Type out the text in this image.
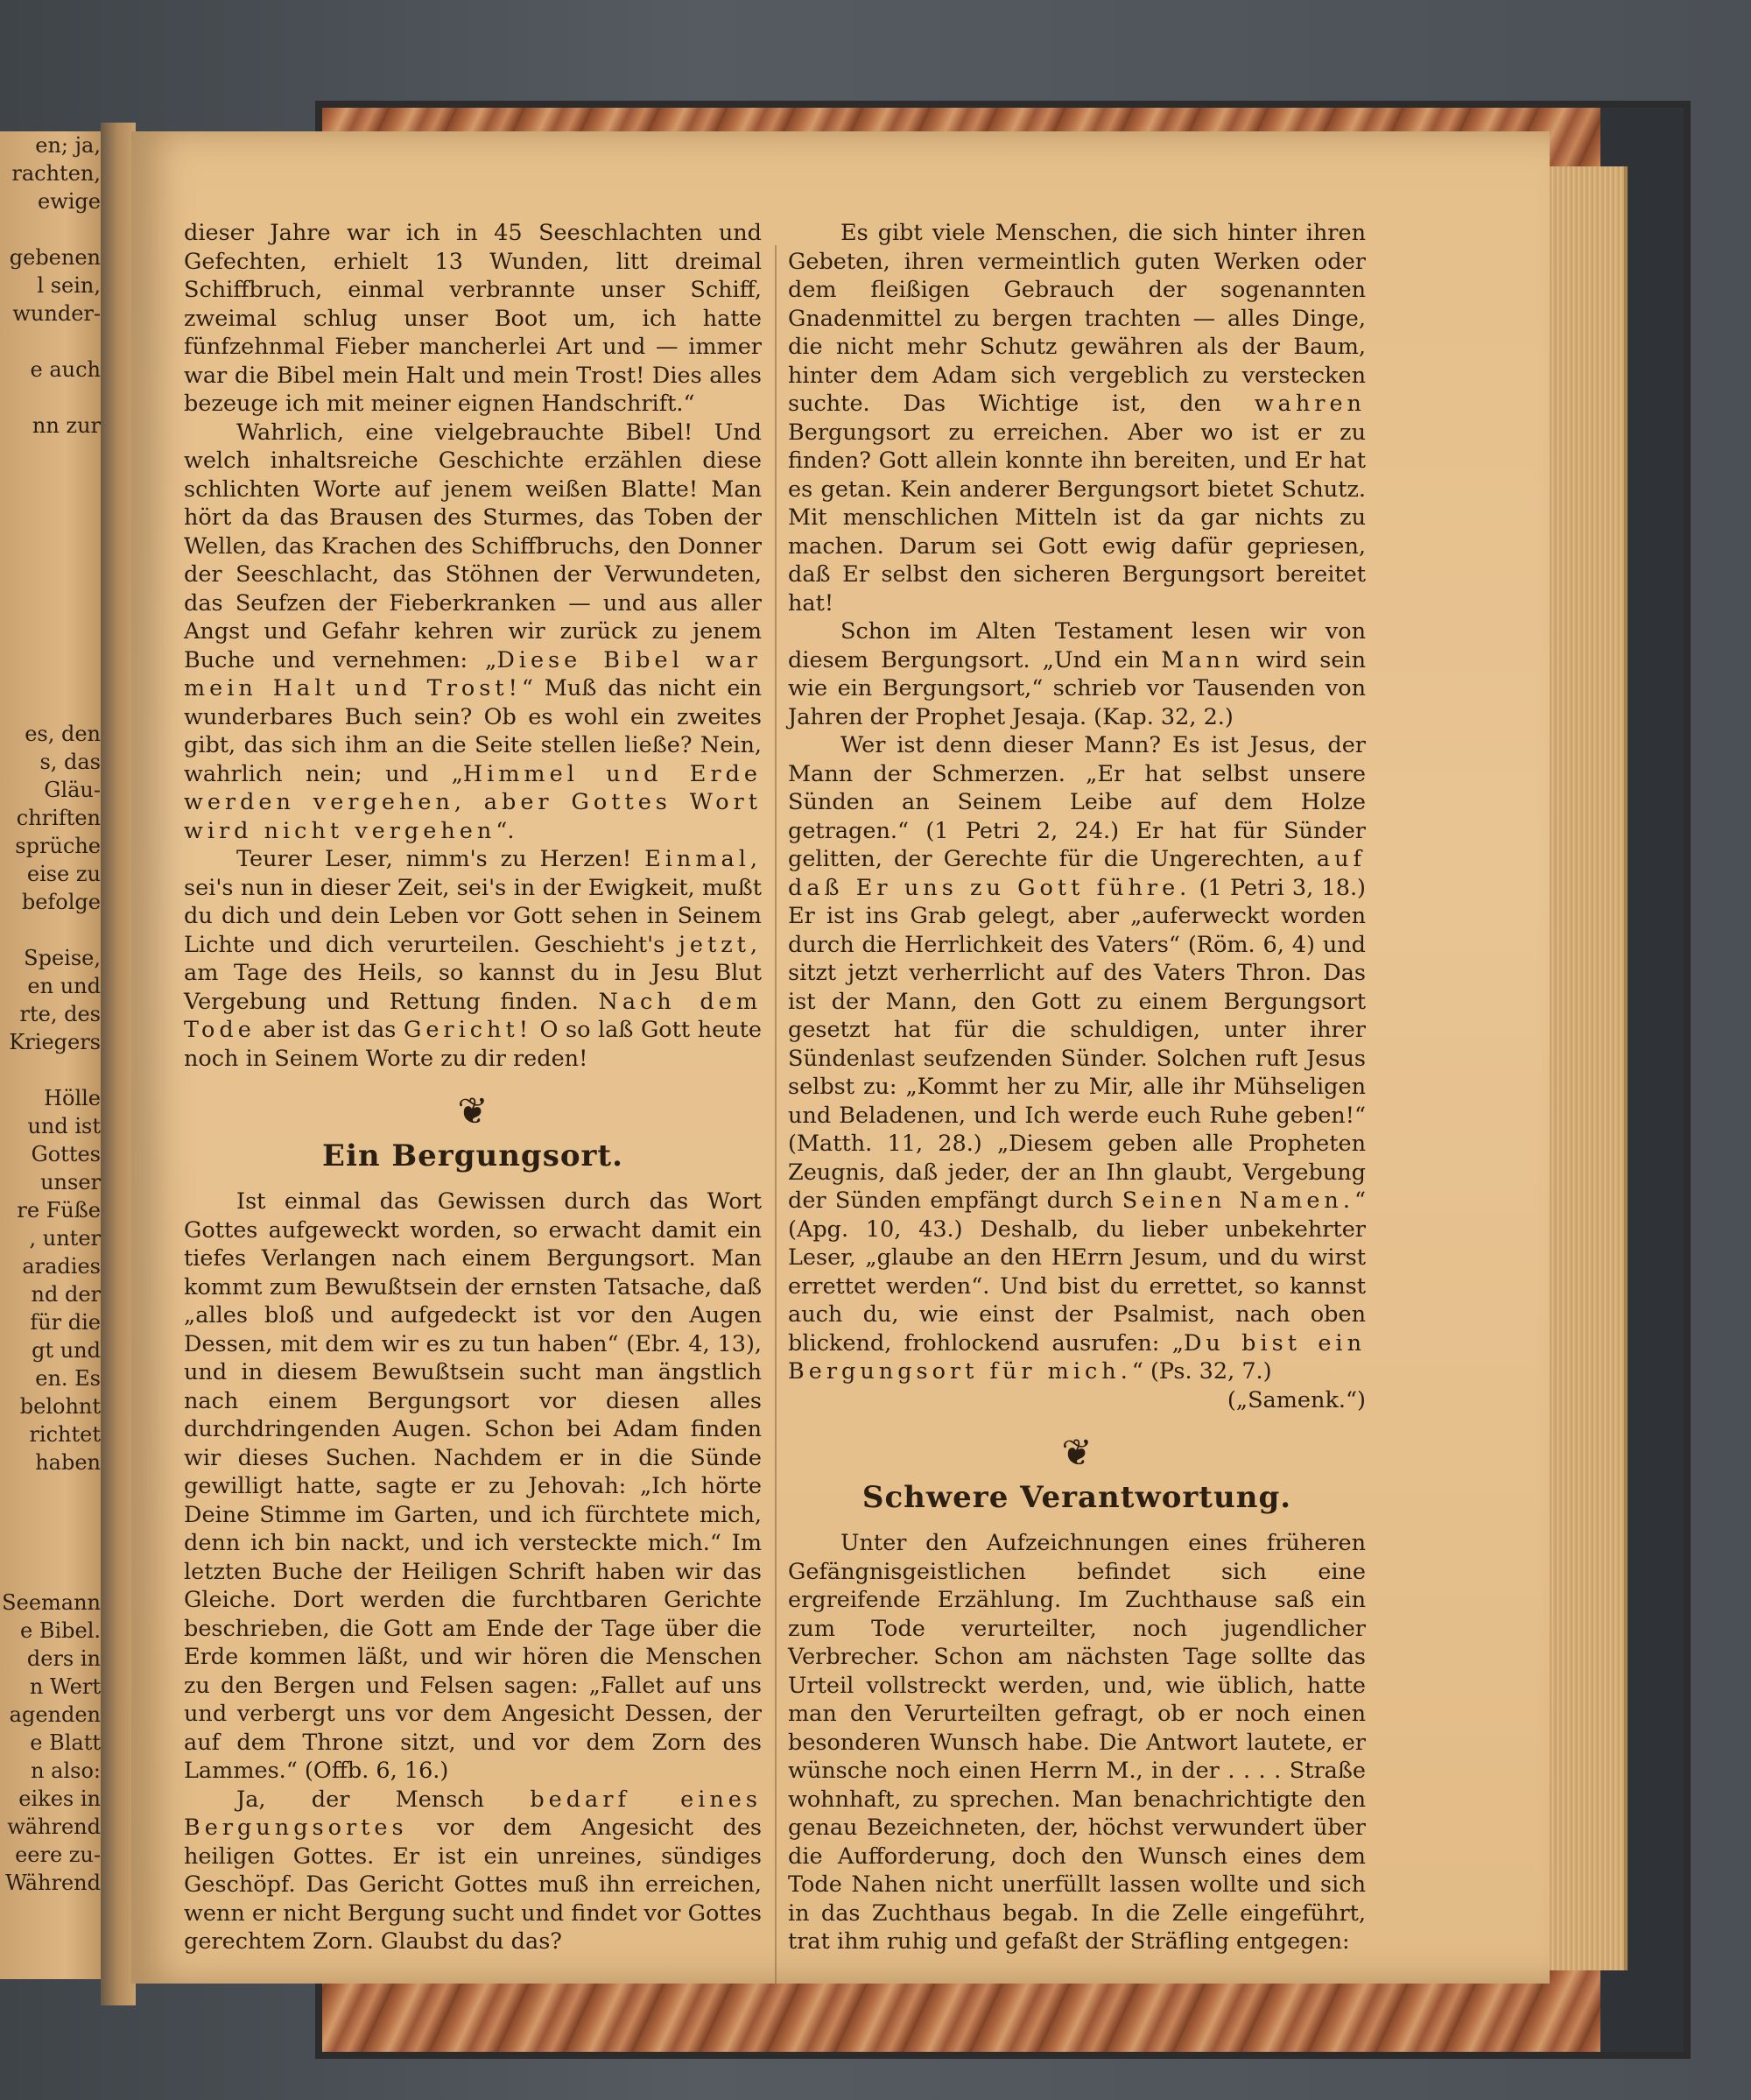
en; ja,
rachten,
ewige

gebenen
l sein,
wunder-

e auch

nn zur

es, den
s, das
Gläu-
chriften
sprüche
eise zu
befolge

Speise,
en und
rte, des
Kriegers

Hölle
und ist
Gottes
unser
re Füße
, unter
aradies
nd der
für die
gt und
en. Es
belohnt
richtet
haben

Seemann
e Bibel.
ders in
n Wert
agenden
e Blatt
n also:
eikes in
während
eere zu-
Während

dieser Jahre war ich in 45 Seeschlachten und Gefechten, erhielt 13 Wunden, litt dreimal Schiffbruch, einmal verbrannte unser Schiff, zweimal schlug unser Boot um, ich hatte fünfzehnmal Fieber mancherlei Art und — immer war die Bibel mein Halt und mein Trost! Dies alles bezeuge ich mit meiner eignen Handschrift.“

Wahrlich, eine vielgebrauchte Bibel! Und welch inhaltsreiche Geschichte erzählen diese schlichten Worte auf jenem weißen Blatte! Man hört da das Brausen des Sturmes, das Toben der Wellen, das Krachen des Schiffbruchs, den Donner der Seeschlacht, das Stöhnen der Verwundeten, das Seufzen der Fieberkranken — und aus aller Angst und Gefahr kehren wir zurück zu jenem Buche und vernehmen: „Diese Bibel war mein Halt und Trost!“ Muß das nicht ein wunderbares Buch sein? Ob es wohl ein zweites gibt, das sich ihm an die Seite stellen ließe? Nein, wahrlich nein; und „Himmel und Erde werden vergehen, aber Gottes Wort wird nicht vergehen“.

Teurer Leser, nimm's zu Herzen! Einmal, sei's nun in dieser Zeit, sei's in der Ewigkeit, mußt du dich und dein Leben vor Gott sehen in Seinem Lichte und dich verurteilen. Geschieht's jetzt, am Tage des Heils, so kannst du in Jesu Blut Vergebung und Rettung finden. Nach dem Tode aber ist das Gericht! O so laß Gott heute noch in Seinem Worte zu dir reden!

❦
Ein Bergungsort.

Ist einmal das Gewissen durch das Wort Gottes aufgeweckt worden, so erwacht damit ein tiefes Verlangen nach einem Bergungsort. Man kommt zum Bewußtsein der ernsten Tatsache, daß „alles bloß und aufgedeckt ist vor den Augen Dessen, mit dem wir es zu tun haben“ (Ebr. 4, 13), und in diesem Bewußtsein sucht man ängstlich nach einem Bergungsort vor diesen alles durchdringenden Augen. Schon bei Adam finden wir dieses Suchen. Nachdem er in die Sünde gewilligt hatte, sagte er zu Jehovah: „Ich hörte Deine Stimme im Garten, und ich fürchtete mich, denn ich bin nackt, und ich versteckte mich.“ Im letzten Buche der Heiligen Schrift haben wir das Gleiche. Dort werden die furchtbaren Gerichte beschrieben, die Gott am Ende der Tage über die Erde kommen läßt, und wir hören die Menschen zu den Bergen und Felsen sagen: „Fallet auf uns und verbergt uns vor dem Angesicht Dessen, der auf dem Throne sitzt, und vor dem Zorn des Lammes.“ (Offb. 6, 16.)

Ja, der Mensch bedarf eines Bergungsortes vor dem Angesicht des heiligen Gottes. Er ist ein unreines, sündiges Geschöpf. Das Gericht Gottes muß ihn erreichen, wenn er nicht Bergung sucht und findet vor Gottes gerechtem Zorn. Glaubst du das?

Es gibt viele Menschen, die sich hinter ihren Gebeten, ihren vermeintlich guten Werken oder dem fleißigen Gebrauch der sogenannten Gnadenmittel zu bergen trachten — alles Dinge, die nicht mehr Schutz gewähren als der Baum, hinter dem Adam sich vergeblich zu verstecken suchte. Das Wichtige ist, den wahren Bergungsort zu erreichen. Aber wo ist er zu finden? Gott allein konnte ihn bereiten, und Er hat es getan. Kein anderer Bergungsort bietet Schutz. Mit menschlichen Mitteln ist da gar nichts zu machen. Darum sei Gott ewig dafür gepriesen, daß Er selbst den sicheren Bergungsort bereitet hat!

Schon im Alten Testament lesen wir von diesem Bergungsort. „Und ein Mann wird sein wie ein Bergungsort,“ schrieb vor Tausenden von Jahren der Prophet Jesaja. (Kap. 32, 2.)

Wer ist denn dieser Mann? Es ist Jesus, der Mann der Schmerzen. „Er hat selbst unsere Sünden an Seinem Leibe auf dem Holze getragen.“ (1 Petri 2, 24.) Er hat für Sünder gelitten, der Gerechte für die Ungerechten, auf daß Er uns zu Gott führe. (1 Petri 3, 18.) Er ist ins Grab gelegt, aber „auferweckt worden durch die Herrlichkeit des Vaters“ (Röm. 6, 4) und sitzt jetzt verherrlicht auf des Vaters Thron. Das ist der Mann, den Gott zu einem Bergungsort gesetzt hat für die schuldigen, unter ihrer Sündenlast seufzenden Sünder. Solchen ruft Jesus selbst zu: „Kommt her zu Mir, alle ihr Mühseligen und Beladenen, und Ich werde euch Ruhe geben!“ (Matth. 11, 28.) „Diesem geben alle Propheten Zeugnis, daß jeder, der an Ihn glaubt, Vergebung der Sünden empfängt durch Seinen Namen.“ (Apg. 10, 43.) Deshalb, du lieber unbekehrter Leser, „glaube an den HErrn Jesum, und du wirst errettet werden“. Und bist du errettet, so kannst auch du, wie einst der Psalmist, nach oben blickend, frohlockend ausrufen: „Du bist ein Bergungsort für mich.“ (Ps. 32, 7.)

(„Samenk.“)

❦
Schwere Verantwortung.

Unter den Aufzeichnungen eines früheren Gefängnisgeistlichen befindet sich eine ergreifende Erzählung. Im Zuchthause saß ein zum Tode verurteilter, noch jugendlicher Verbrecher. Schon am nächsten Tage sollte das Urteil vollstreckt werden, und, wie üblich, hatte man den Verurteilten gefragt, ob er noch einen besonderen Wunsch habe. Die Antwort lautete, er wünsche noch einen Herrn M., in der . . . . Straße wohnhaft, zu sprechen. Man benachrichtigte den genau Bezeichneten, der, höchst verwundert über die Aufforderung, doch den Wunsch eines dem Tode Nahen nicht unerfüllt lassen wollte und sich in das Zuchthaus begab. In die Zelle eingeführt, trat ihm ruhig und gefaßt der Sträfling entgegen:
